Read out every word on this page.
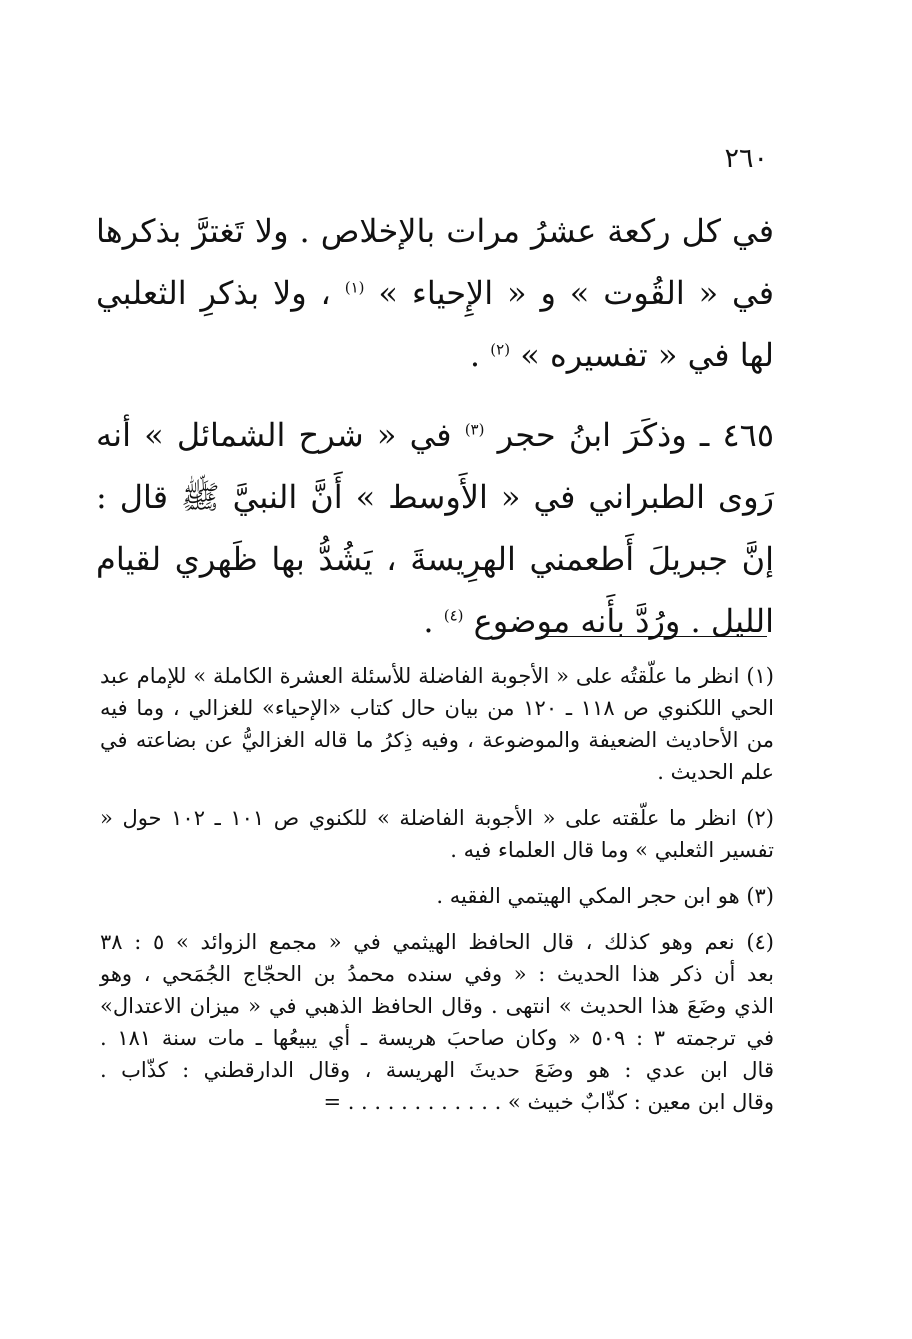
٢٦٠

في كل ركعة عشرُ مرات بالإخلاص . ولا تَغترَّ بذكرها في « القُوت » و « الإِحياء » $^{(١)}$ ، ولا بذكرِ الثعلبي لها في « تفسيره » $^{(٢)}$ .

٤٦٥ ـ وذكَرَ ابنُ حجر $^{(٣)}$ في « شرح الشمائل » أنه رَوى الطبراني في « الأَوسط » أَنَّ النبيَّ ﷺ قال : إنَّ جبريلَ أَطعمني الهرِيسةَ ، يَشُدُّ بها ظَهري لقيام الليل . ورُدَّ بأَنه موضوع $^{(٤)}$ .

(١) انظر ما علّقتُه على « الأجوبة الفاضلة للأسئلة العشرة الكاملة » للإمام عبد الحي اللكنوي ص ١١٨ ـ ١٢٠ من بيان حال كتاب «الإحياء» للغزالي ، وما فيه من الأحاديث الضعيفة والموضوعة ، وفيه ذِكرُ ما قاله الغزاليُّ عن بضاعته في علم الحديث .

(٢) انظر ما علّقته على « الأجوبة الفاضلة » للكنوي ص ١٠١ ـ ١٠٢ حول « تفسير الثعلبي » وما قال العلماء فيه .

(٣) هو ابن حجر المكي الهيتمي الفقيه .

(٤) نعم وهو كذلك ، قال الحافظ الهيثمي في « مجمع الزوائد » ٥ : ٣٨
بعد أن ذكر هذا الحديث : « وفي سنده محمدُ بن الحجّاج الجُمَحي ، وهو
الذي وضَعَ هذا الحديث » انتهى . وقال الحافظ الذهبي في « ميزان الاعتدال»
في ترجمته ٣ : ٥٠٩ « وكان صاحبَ هريسة ـ أي يبيعُها ـ مات سنة ١٨١ .
قال ابن عدي : هو وضَعَ حديثَ الهريسة ، وقال الدارقطني : كذّاب .
وقال ابن معين : كذّابٌ خبيث » . . . . . . . . . . . . =
